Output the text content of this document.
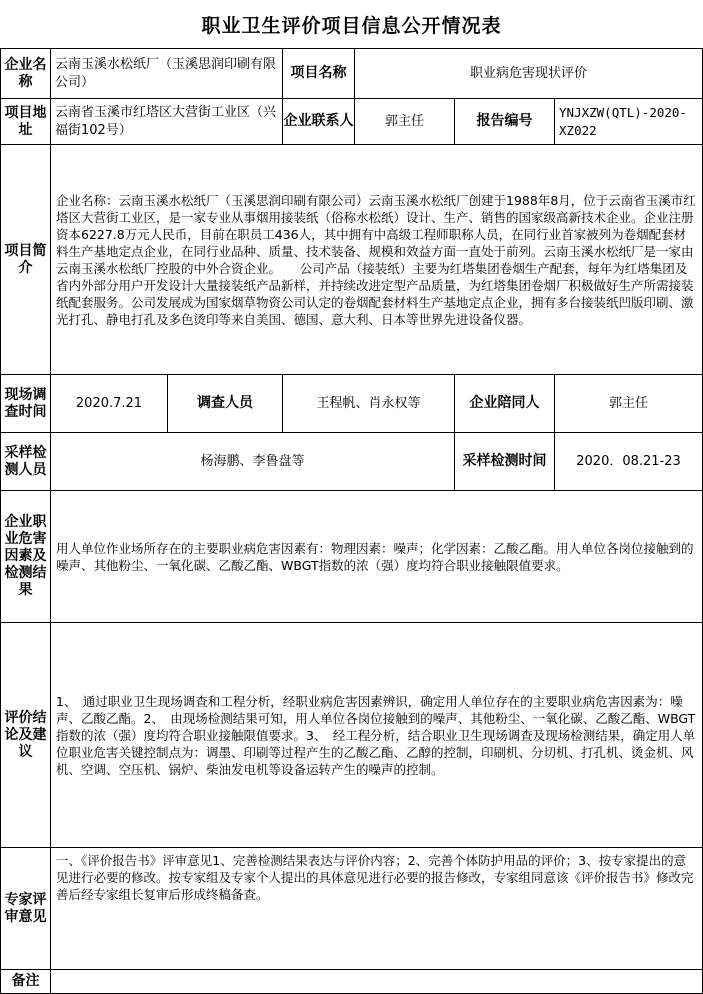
职业卫生评价项目信息公开情况表
企业名称	云南玉溪水松纸厂（玉溪思润印刷有限公司）		项目名称	职业病危害现状评价		
项目地址	云南省玉溪市红塔区大营街工业区（兴福街102号）		企业联系人	郭主任	报告编号	YNJXZW(QTL)-2020-XZ022
项目简介	企业名称：云南玉溪水松纸厂（玉溪思润印刷有限公司）云南玉溪水松纸厂创建于1988年8月，位于云南省玉溪市红塔区大营街工业区，是一家专业从事烟用接装纸（俗称水松纸）设计、生产、销售的国家级高新技术企业。企业注册资本6227.8万元人民币，目前在职员工436人，其中拥有中高级工程师职称人员，在同行业首家被列为卷烟配套材料生产基地定点企业，在同行业品种、质量、技术装备、规模和效益方面一直处于前列。云南玉溪水松纸厂是一家由云南玉溪水松纸厂控股的中外合资企业。　　公司产品（接装纸）主要为红塔集团卷烟生产配套，每年为红塔集团及省内外部分用户开发设计大量接装纸产品新样，并持续改进定型产品质量，为红塔集团卷烟厂积极做好生产所需接装纸配套服务。公司发展成为国家烟草物资公司认定的卷烟配套材料生产基地定点企业，拥有多台接装纸凹版印刷、激光打孔、静电打孔及多色烫印等来自美国、德国、意大利、日本等世界先进设备仪器。					
现场调查时间	2020.7.21	调查人员	王程帆、肖永权等		企业陪同人	郭主任
采样检测人员	杨海鹏、李鲁盘等				采样检测时间	2020．08.21-23
企业职业危害因素及检测结果	用人单位作业场所存在的主要职业病危害因素有：物理因素：噪声；化学因素：乙酸乙酯。用人单位各岗位接触到的噪声、其他粉尘、一氧化碳、乙酸乙酯、WBGT指数的浓（强）度均符合职业接触限值要求。					
评价结论及建议	1、　通过职业卫生现场调查和工程分析，经职业病危害因素辨识，确定用人单位存在的主要职业病危害因素为：噪声、乙酸乙酯。2、　由现场检测结果可知，用人单位各岗位接触到的噪声、其他粉尘、一氧化碳、乙酸乙酯、WBGT指数的浓（强）度均符合职业接触限值要求。3、　经工程分析，结合职业卫生现场调查及现场检测结果，确定用人单位职业危害关键控制点为：调墨、印刷等过程产生的乙酸乙酯、乙醇的控制，印刷机、分切机、打孔机、烫金机、风机、空调、空压机、锅炉、柴油发电机等设备运转产生的噪声的控制。					
专家评审意见	一、《评价报告书》评审意见1、完善检测结果表达与评价内容；2、完善个体防护用品的评价；3、按专家提出的意见进行必要的修改。按专家组及专家个人提出的具体意见进行必要的报告修改，专家组同意该《评价报告书》修改完善后经专家组长复审后形成终稿备查。					
备注						
